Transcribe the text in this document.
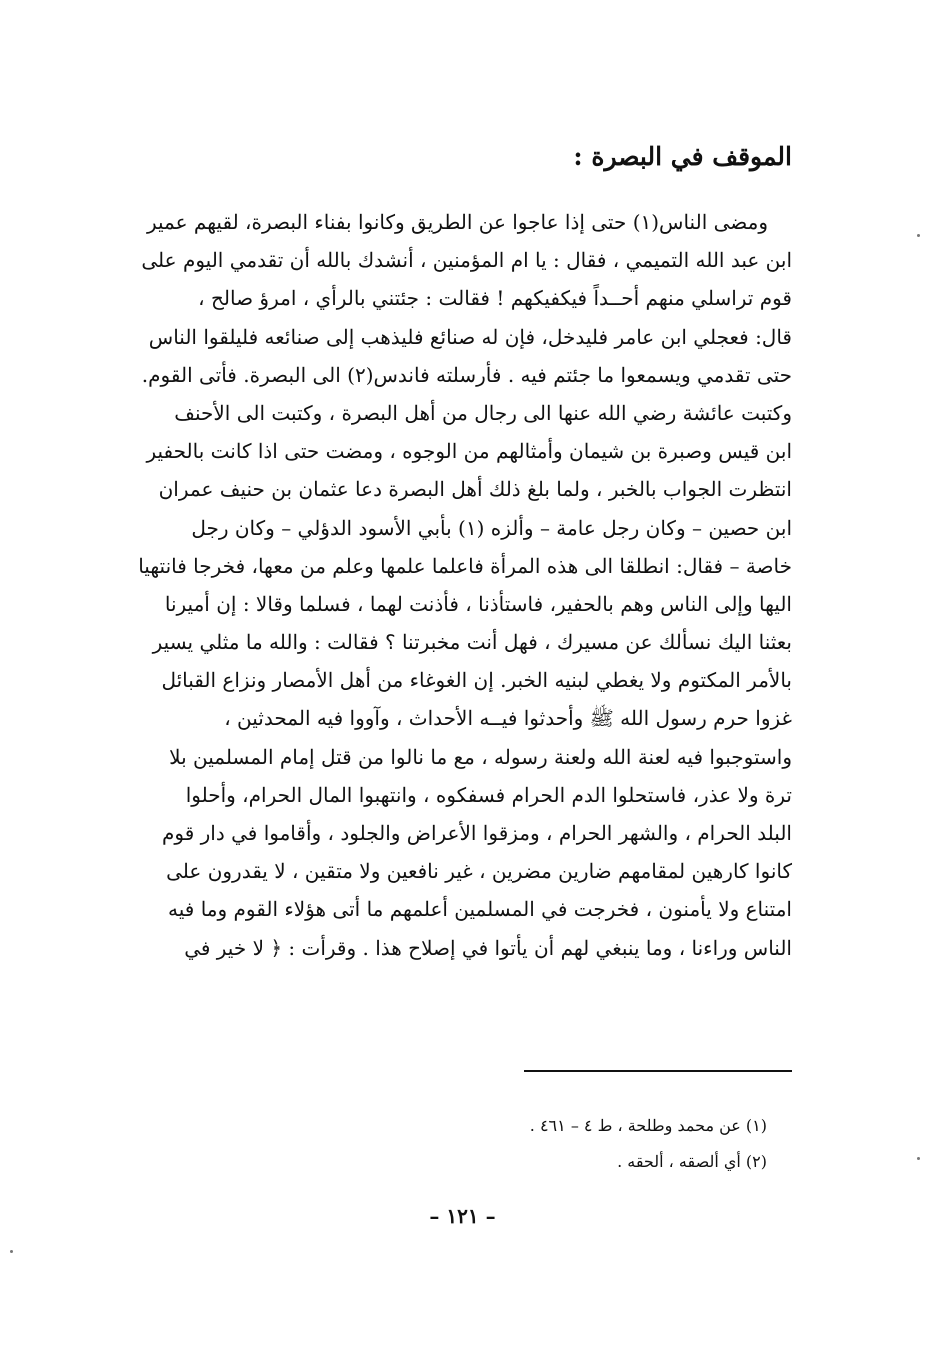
الموقف في البصرة :
ومضى الناس(١) حتى إذا عاجوا عن الطريق وكانوا بفناء البصرة، لقيهم عمير
ابن عبد الله التميمي ، فقال : يا ام المؤمنين ، أنشدك بالله أن تقدمي اليوم على
قوم تراسلي منهم أحــداً فيكفيكهم ! فقالت : جئتني بالرأي ، امرؤ صالح ،
قال: فعجلي ابن عامر فليدخل، فإن له صنائع فليذهب إلى صنائعه فليلقوا الناس
حتى تقدمي ويسمعوا ما جئتم فيه . فأرسلته فاندس(٢) الى البصرة. فأتى القوم.
وكتبت عائشة رضي الله عنها الى رجال من أهل البصرة ، وكتبت الى الأحنف
ابن قيس وصبرة بن شيمان وأمثالهم من الوجوه ، ومضت حتى اذا كانت بالحفير
انتظرت الجواب بالخبر ، ولما بلغ ذلك أهل البصرة دعا عثمان بن حنيف عمران
ابن حصين – وكان رجل عامة – وألزه (١) بأبي الأسود الدؤلي – وكان رجل
خاصة – فقال: انطلقا الى هذه المرأة فاعلما علمها وعلم من معها، فخرجا فانتهيا
اليها وإلى الناس وهم بالحفير، فاستأذنا ، فأذنت لهما ، فسلما وقالا : إن أميرنا
بعثنا اليك نسألك عن مسيرك ، فهل أنت مخبرتنا ؟ فقالت : والله ما مثلي يسير
بالأمر المكتوم ولا يغطي لبنيه الخبر. إن الغوغاء من أهل الأمصار ونزاع القبائل
غزوا حرم رسول الله ﷺ وأحدثوا فيــه الأحداث ، وآووا فيه المحدثين ،
واستوجبوا فيه لعنة الله ولعنة رسوله ، مع ما نالوا من قتل إمام المسلمين بلا
ترة ولا عذر، فاستحلوا الدم الحرام فسفكوه ، وانتهبوا المال الحرام، وأحلوا
البلد الحرام ، والشهر الحرام ، ومزقوا الأعراض والجلود ، وأقاموا في دار قوم
كانوا كارهين لمقامهم ضارين مضرين ، غير نافعين ولا متقين ، لا يقدرون على
امتناع ولا يأمنون ، فخرجت في المسلمين أعلمهم ما أتى هؤلاء القوم وما فيه
الناس وراءنا ، وما ينبغي لهم أن يأتوا في إصلاح هذا . وقرأت : ﴿ لا خير في
(١) عن محمد وطلحة ، ط ٤ – ٤٦١ .
(٢) أي ألصقه ، ألحقه .
– ١٢١ –
